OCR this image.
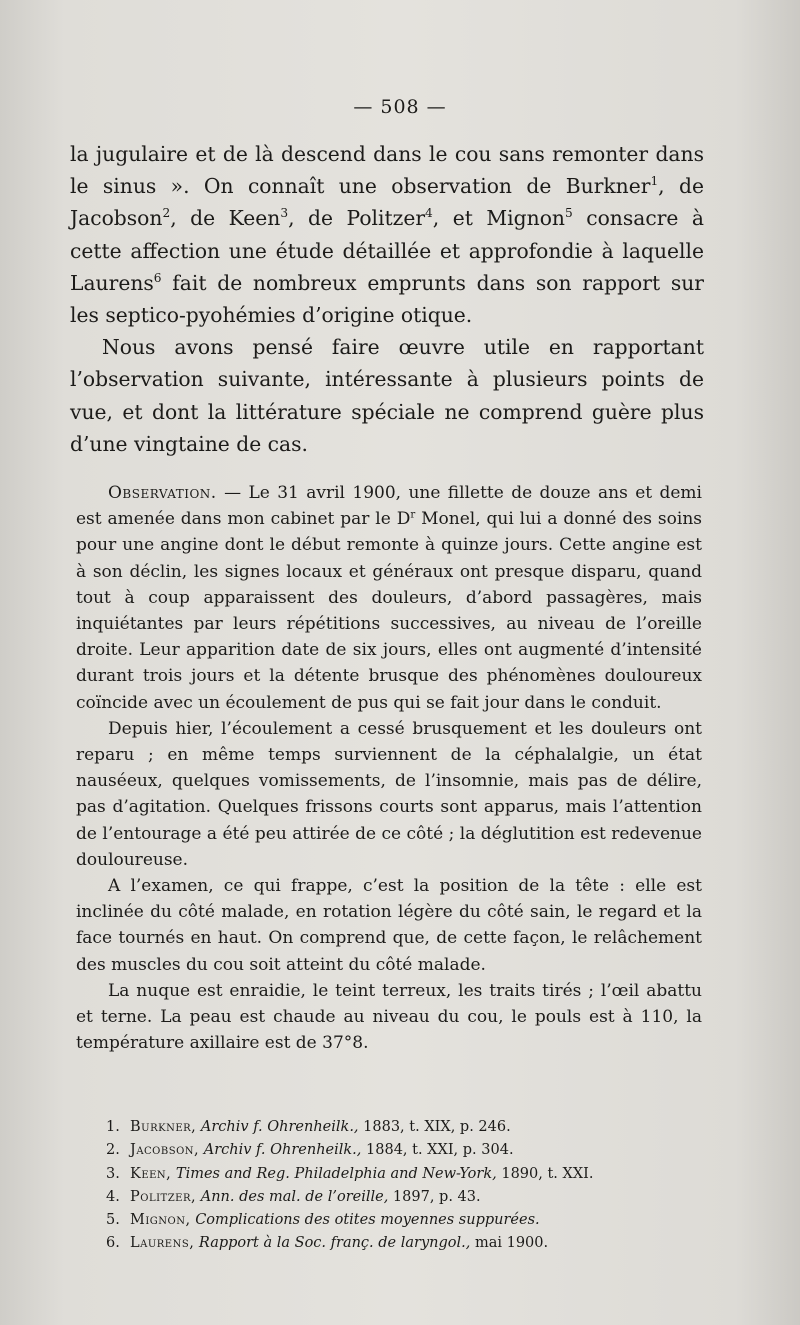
— 508 —

la jugulaire et de là descend dans le cou sans remonter dans le sinus ». On connaît une observation de Burkner$^1$, de Jacobson$^2$, de Keen$^3$, de Politzer$^4$, et Mignon$^5$ consacre à cette affection une étude détaillée et approfondie à laquelle Laurens$^6$ fait de nombreux emprunts dans son rapport sur les septico-pyohémies d’origine otique.

Nous avons pensé faire œuvre utile en rapportant l’observation suivante, intéressante à plusieurs points de vue, et dont la littérature spéciale ne comprend guère plus d’une vingtaine de cas.

Observation. — Le 31 avril 1900, une fillette de douze ans et demi est amenée dans mon cabinet par le $D^r$ Monel, qui lui a donné des soins pour une angine dont le début remonte à quinze jours. Cette angine est à son déclin, les signes locaux et généraux ont presque disparu, quand tout à coup apparaissent des douleurs, d’abord passagères, mais inquiétantes par leurs répétitions successives, au niveau de l’oreille droite. Leur apparition date de six jours, elles ont augmenté d’intensité durant trois jours et la détente brusque des phénomènes douloureux coïncide avec un écoulement de pus qui se fait jour dans le conduit.

Depuis hier, l’écoulement a cessé brusquement et les douleurs ont reparu ; en même temps surviennent de la céphalalgie, un état nauséeux, quelques vomissements, de l’insomnie, mais pas de délire, pas d’agitation. Quelques frissons courts sont apparus, mais l’attention de l’entourage a été peu attirée de ce côté ; la déglutition est redevenue douloureuse.

A l’examen, ce qui frappe, c’est la position de la tête : elle est inclinée du côté malade, en rotation légère du côté sain, le regard et la face tournés en haut. On comprend que, de cette façon, le relâchement des muscles du cou soit atteint du côté malade.

La nuque est enraidie, le teint terreux, les traits tirés ; l’œil abattu et terne. La peau est chaude au niveau du cou, le pouls est à 110, la température axillaire est de 37°8.

1. Burkner, Archiv f. Ohrenheilk., 1883, t. XIX, p. 246.
2. Jacobson, Archiv f. Ohrenheilk., 1884, t. XXI, p. 304.
3. Keen, Times and Reg. Philadelphia and New-York, 1890, t. XXI.
4. Politzer, Ann. des mal. de l’oreille, 1897, p. 43.
5. Mignon, Complications des otites moyennes suppurées.
6. Laurens, Rapport à la Soc. franç. de laryngol., mai 1900.
